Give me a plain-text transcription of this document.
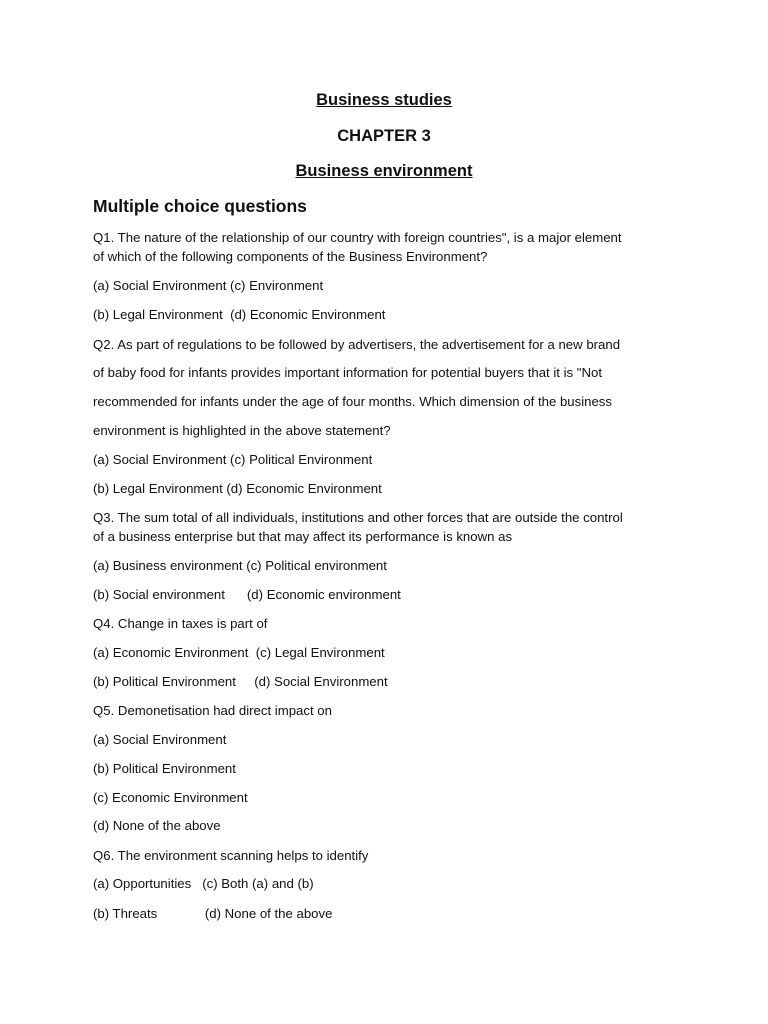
Business studies
CHAPTER 3
Business environment
Multiple choice questions
Q1. The nature of the relationship of our country with foreign countries", is a major element
of which of the following components of the Business Environment?
(a) Social Environment (c) Environment
(b) Legal Environment  (d) Economic Environment
Q2. As part of regulations to be followed by advertisers, the advertisement for a new brand
of baby food for infants provides important information for potential buyers that it is "Not
recommended for infants under the age of four months. Which dimension of the business
environment is highlighted in the above statement?
(a) Social Environment (c) Political Environment
(b) Legal Environment (d) Economic Environment
Q3. The sum total of all individuals, institutions and other forces that are outside the control
of a business enterprise but that may affect its performance is known as
(a) Business environment (c) Political environment
(b) Social environment      (d) Economic environment
Q4. Change in taxes is part of
(a) Economic Environment  (c) Legal Environment
(b) Political Environment     (d) Social Environment
Q5. Demonetisation had direct impact on
(a) Social Environment
(b) Political Environment
(c) Economic Environment
(d) None of the above
Q6. The environment scanning helps to identify
(a) Opportunities   (c) Both (a) and (b)
(b) Threats             (d) None of the above
